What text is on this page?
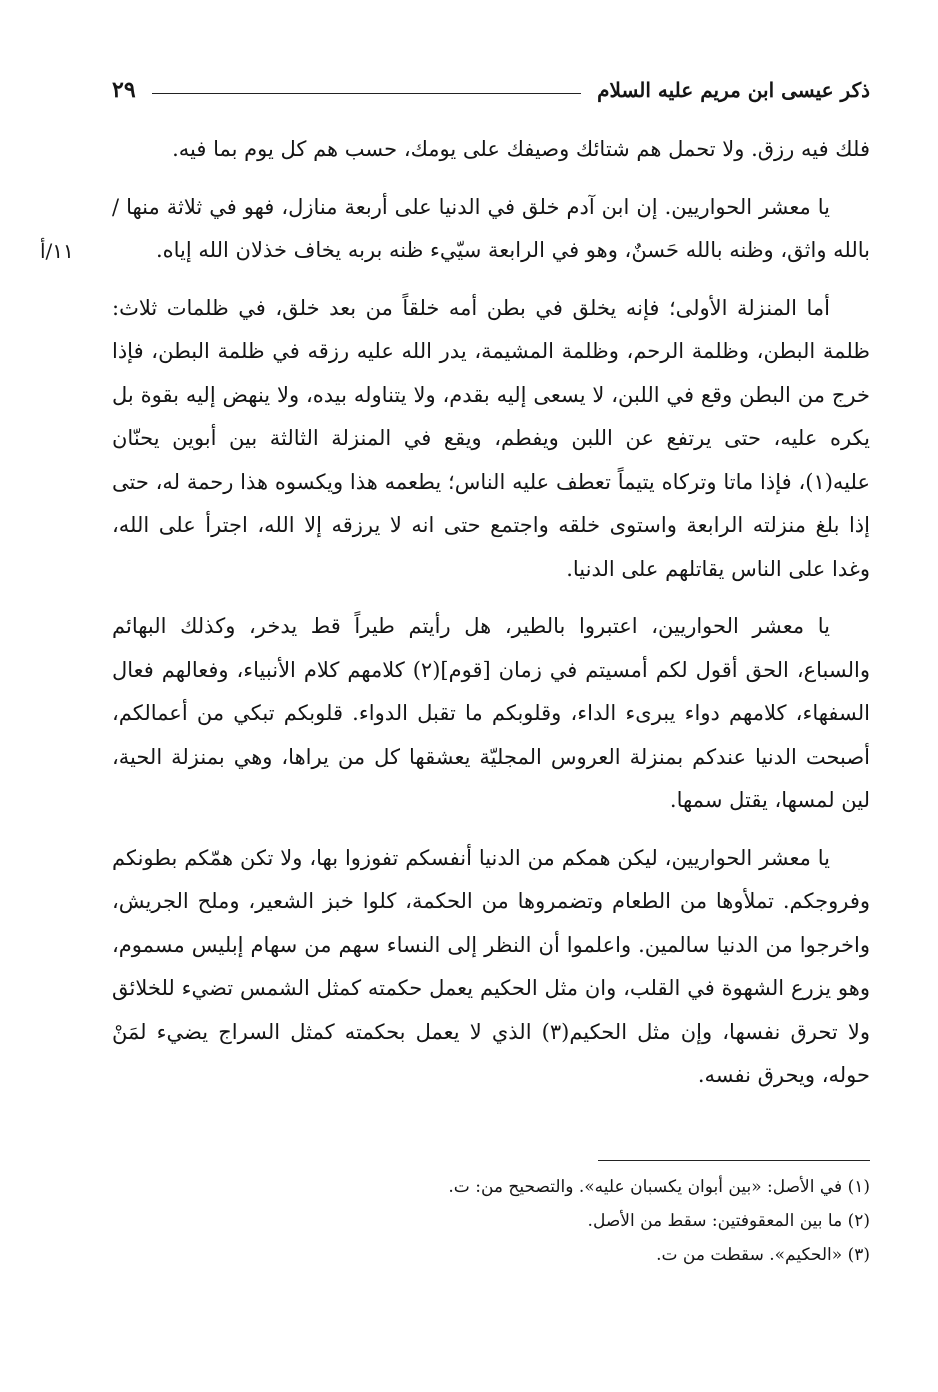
ذكر عيسى ابن مريم عليه السلام
٢٩
١١/أ

فلك فيه رزق. ولا تحمل هم شتائك وصيفك على يومك، حسب هم كل يوم بما فيه.

يا معشر الحواريين. إن ابن آدم خلق في الدنيا على أربعة منازل، فهو في ثلاثة منها / بالله واثق، وظنه بالله حَسنٌ، وهو في الرابعة سيّيء ظنه بربه يخاف خذلان الله إياه.

أما المنزلة الأولى؛ فإنه يخلق في بطن أمه خلقاً من بعد خلق، في ظلمات ثلاث: ظلمة البطن، وظلمة الرحم، وظلمة المشيمة، يدر الله عليه رزقه في ظلمة البطن، فإذا خرج من البطن وقع في اللبن، لا يسعى إليه بقدم، ولا يتناوله بيده، ولا ينهض إليه بقوة بل يكره عليه، حتى يرتفع عن اللبن ويفطم، ويقع في المنزلة الثالثة بين أبوين يحنّان عليه(١)، فإذا ماتا وتركاه يتيماً تعطف عليه الناس؛ يطعمه هذا ويكسوه هذا رحمة له، حتى إذا بلغ منزلته الرابعة واستوى خلقه واجتمع حتى انه لا يرزقه إلا الله، اجترأ على الله، وغدا على الناس يقاتلهم على الدنيا.

يا معشر الحواريين، اعتبروا بالطير، هل رأيتم طيراً قط يدخر، وكذلك البهائم والسباع، الحق أقول لكم أمسيتم في زمان [قوم](٢) كلامهم كلام الأنبياء، وفعالهم فعال السفهاء، كلامهم دواء يبرىء الداء، وقلوبكم ما تقبل الدواء. قلوبكم تبكي من أعمالكم، أصبحت الدنيا عندكم بمنزلة العروس المجليّة يعشقها كل من يراها، وهي بمنزلة الحية، لين لمسها، يقتل سمها.

يا معشر الحواريين، ليكن همكم من الدنيا أنفسكم تفوزوا بها، ولا تكن همّكم بطونكم وفروجكم. تملأوها من الطعام وتضمروها من الحكمة، كلوا خبز الشعير، وملح الجريش، واخرجوا من الدنيا سالمين. واعلموا أن النظر إلى النساء سهم من سهام إبليس مسموم، وهو يزرع الشهوة في القلب، وان مثل الحكيم يعمل حكمته كمثل الشمس تضيء للخلائق ولا تحرق نفسها، وإن مثل الحكيم(٣) الذي لا يعمل بحكمته كمثل السراج يضيء لمَنْ حوله، ويحرق نفسه.

(١) في الأصل: «بين أبوان يكسبان عليه». والتصحيح من: ت.

(٢) ما بين المعقوفتين: سقط من الأصل.

(٣) «الحكيم». سقطت من ت.
